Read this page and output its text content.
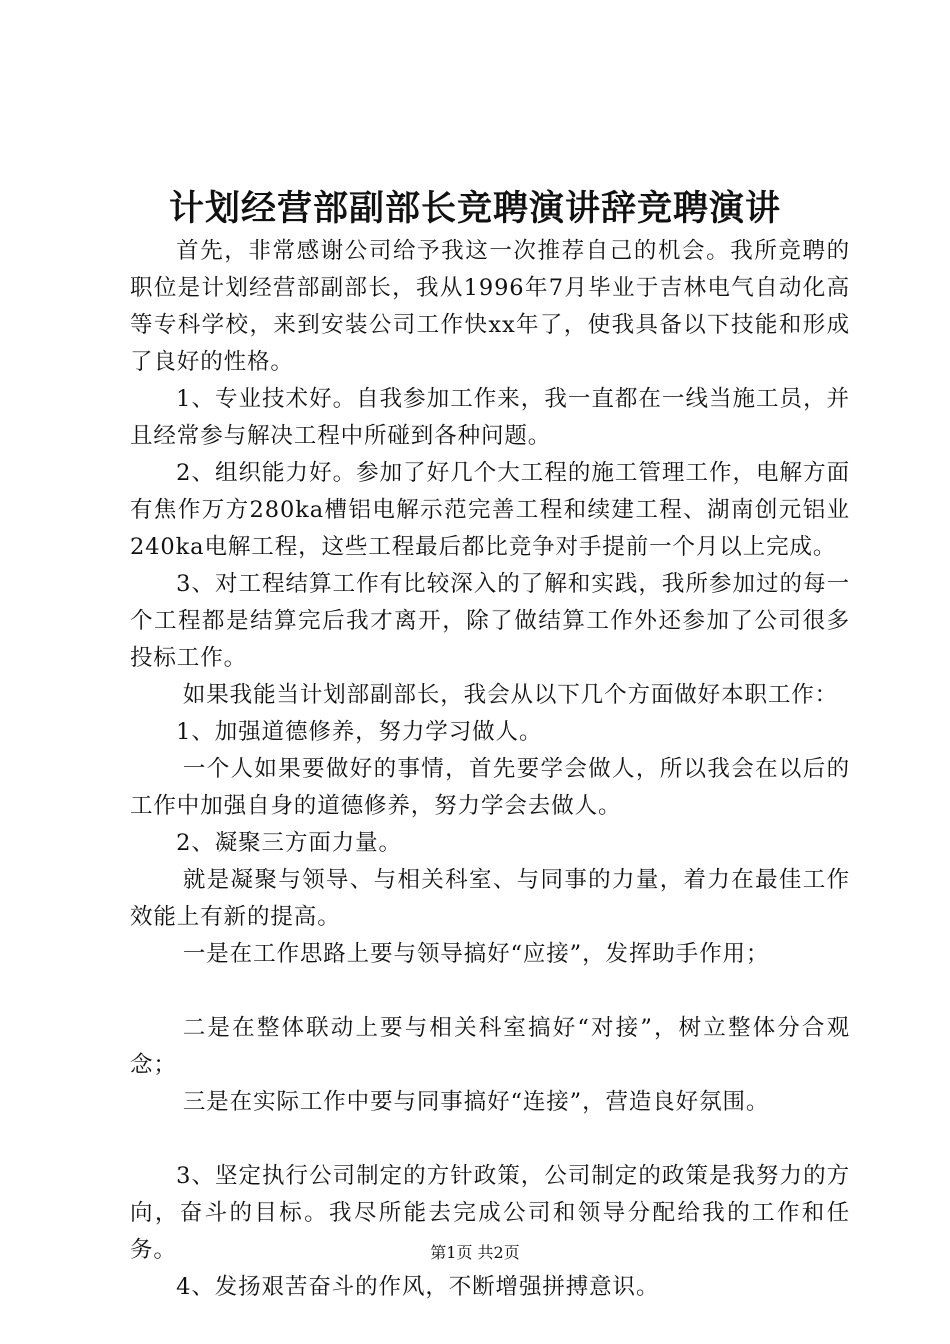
计划经营部副部长竞聘演讲辞竞聘演讲

首先，非常感谢公司给予我这一次推荐自己的机会。我所竞聘的职位是计划经营部副部长，我从1996年7月毕业于吉林电气自动化高等专科学校，来到安装公司工作快xx年了，使我具备以下技能和形成了良好的性格。

1、专业技术好。自我参加工作来，我一直都在一线当施工员，并且经常参与解决工程中所碰到各种问题。

2、组织能力好。参加了好几个大工程的施工管理工作，电解方面有焦作万方280ka槽铝电解示范完善工程和续建工程、湖南创元铝业240ka电解工程，这些工程最后都比竞争对手提前一个月以上完成。

3、对工程结算工作有比较深入的了解和实践，我所参加过的每一个工程都是结算完后我才离开，除了做结算工作外还参加了公司很多投标工作。

如果我能当计划部副部长，我会从以下几个方面做好本职工作：

1、加强道德修养，努力学习做人。

一个人如果要做好的事情，首先要学会做人，所以我会在以后的工作中加强自身的道德修养，努力学会去做人。

2、凝聚三方面力量。

就是凝聚与领导、与相关科室、与同事的力量，着力在最佳工作效能上有新的提高。

一是在工作思路上要与领导搞好“应接”，发挥助手作用；

二是在整体联动上要与相关科室搞好“对接”，树立整体分合观念；

三是在实际工作中要与同事搞好“连接”，营造良好氛围。

3、坚定执行公司制定的方针政策，公司制定的政策是我努力的方向，奋斗的目标。我尽所能去完成公司和领导分配给我的工作和任务。

4、发扬艰苦奋斗的作风，不断增强拼搏意识。

第1页 共2页
